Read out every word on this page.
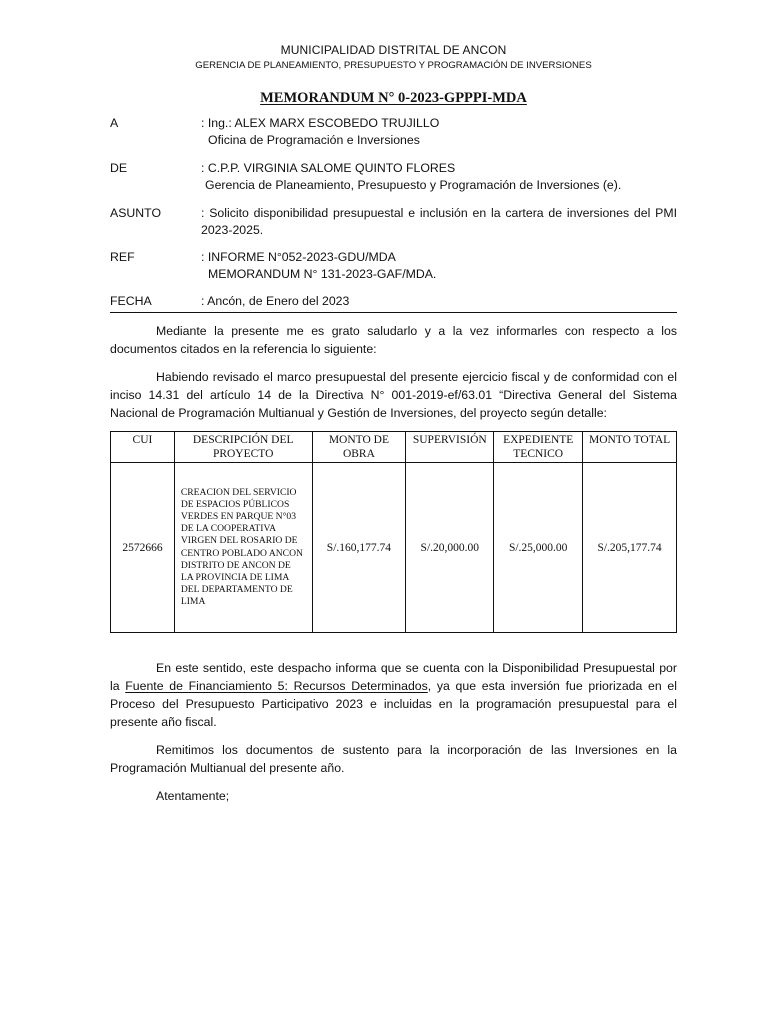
MUNICIPALIDAD DISTRITAL DE ANCON
GERENCIA DE PLANEAMIENTO, PRESUPUESTO Y PROGRAMACIÓN DE INVERSIONES
MEMORANDUM N° 0-2023-GPPPI-MDA
A	: Ing.: ALEX MARX ESCOBEDO TRUJILLO
Oficina de Programación e Inversiones
DE	: C.P.P. VIRGINIA SALOME QUINTO FLORES
Gerencia de Planeamiento, Presupuesto y Programación de Inversiones (e).
ASUNTO	: Solicito disponibilidad presupuestal e inclusión en la cartera de inversiones del PMI 2023-2025.
REF	: INFORME N°052-2023-GDU/MDA
MEMORANDUM N° 131-2023-GAF/MDA.
FECHA	: Ancón, de Enero del 2023

Mediante la presente me es grato saludarlo y a la vez informarles con respecto a los documentos citados en la referencia lo siguiente:

Habiendo revisado el marco presupuestal del presente ejercicio fiscal y de conformidad con el inciso 14.31 del artículo 14 de la Directiva N° 001-2019-ef/63.01 “Directiva General del Sistema Nacional de Programación Multianual y Gestión de Inversiones, del proyecto según detalle:

CUI	DESCRIPCIÓN DEL PROYECTO	MONTO DE OBRA	SUPERVISIÓN	EXPEDIENTE TECNICO	MONTO TOTAL
2572666	CREACION DEL SERVICIO DE ESPACIOS PÚBLICOS VERDES EN PARQUE N°03 DE LA COOPERATIVA VIRGEN DEL ROSARIO DE CENTRO POBLADO ANCON DISTRITO DE ANCON DE LA PROVINCIA DE LIMA DEL DEPARTAMENTO DE LIMA	S/.160,177.74	S/.20,000.00	S/.25,000.00	S/.205,177.74

En este sentido, este despacho informa que se cuenta con la Disponibilidad Presupuestal por la Fuente de Financiamiento 5: Recursos Determinados, ya que esta inversión fue priorizada en el Proceso del Presupuesto Participativo 2023 e incluidas en la programación presupuestal para el presente año fiscal.

Remitimos los documentos de sustento para la incorporación de las Inversiones en la Programación Multianual del presente año.

Atentamente;
